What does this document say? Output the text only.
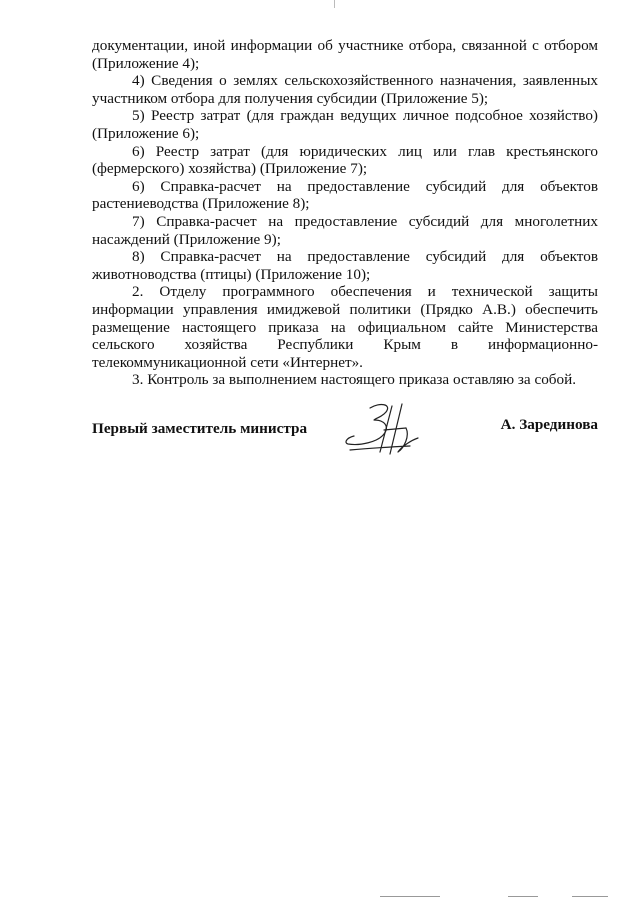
документации, иной информации об участнике отбора, связанной с отбором (Приложение 4);

4) Сведения о землях сельскохозяйственного назначения, заявленных участником отбора для получения субсидии (Приложение 5);

5) Реестр затрат (для граждан ведущих личное подсобное хозяйство) (Приложение 6);

6) Реестр затрат (для юридических лиц или глав крестьянского (фермерского) хозяйства) (Приложение 7);

6) Справка-расчет на предоставление субсидий для объектов растениеводства (Приложение 8);

7) Справка-расчет на предоставление субсидий для многолетних насаждений (Приложение 9);

8) Справка-расчет на предоставление субсидий для объектов животноводства (птицы) (Приложение 10);

2. Отделу программного обеспечения и технической защиты информации управления имиджевой политики (Прядко А.В.) обеспечить размещение настоящего приказа на официальном сайте Министерства сельского хозяйства Республики Крым в информационно-телекоммуникационной сети «Интернет».

3. Контроль за выполнением настоящего приказа оставляю за собой.

Первый заместитель министра	А. Зарединова
